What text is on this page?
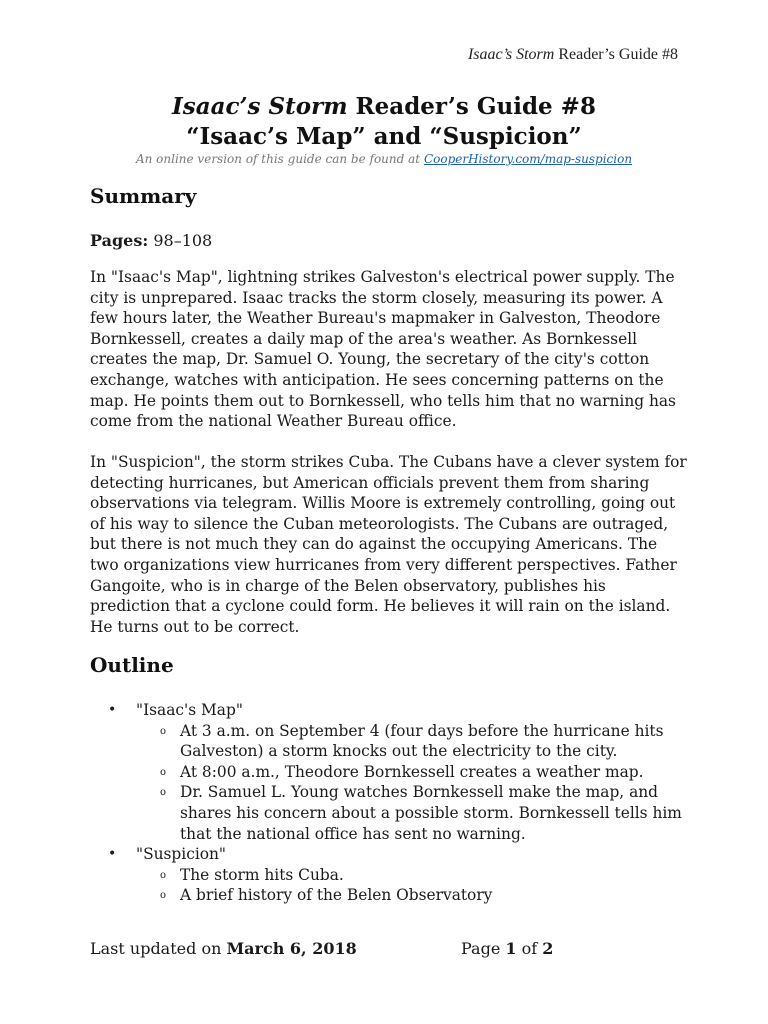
Isaac’s Storm Reader’s Guide #8
Isaac’s Storm Reader’s Guide #8
“Isaac’s Map” and “Suspicion”
An online version of this guide can be found at CooperHistory.com/map-suspicion
Summary
Pages: 98–108
In "Isaac's Map", lightning strikes Galveston's electrical power supply. The city is unprepared. Isaac tracks the storm closely, measuring its power. A few hours later, the Weather Bureau's mapmaker in Galveston, Theodore Bornkessell, creates a daily map of the area's weather. As Bornkessell creates the map, Dr. Samuel O. Young, the secretary of the city's cotton exchange, watches with anticipation. He sees concerning patterns on the map. He points them out to Bornkessell, who tells him that no warning has come from the national Weather Bureau office.
In "Suspicion", the storm strikes Cuba. The Cubans have a clever system for detecting hurricanes, but American officials prevent them from sharing observations via telegram. Willis Moore is extremely controlling, going out of his way to silence the Cuban meteorologists. The Cubans are outraged, but there is not much they can do against the occupying Americans. The two organizations view hurricanes from very different perspectives. Father Gangoite, who is in charge of the Belen observatory, publishes his prediction that a cyclone could form. He believes it will rain on the island. He turns out to be correct.
Outline
• "Isaac's Map"
o At 3 a.m. on September 4 (four days before the hurricane hits Galveston) a storm knocks out the electricity to the city.
o At 8:00 a.m., Theodore Bornkessell creates a weather map.
o Dr. Samuel L. Young watches Bornkessell make the map, and shares his concern about a possible storm. Bornkessell tells him that the national office has sent no warning.
• "Suspicion"
o The storm hits Cuba.
o A brief history of the Belen Observatory
Last updated on March 6, 2018	Page 1 of 2
